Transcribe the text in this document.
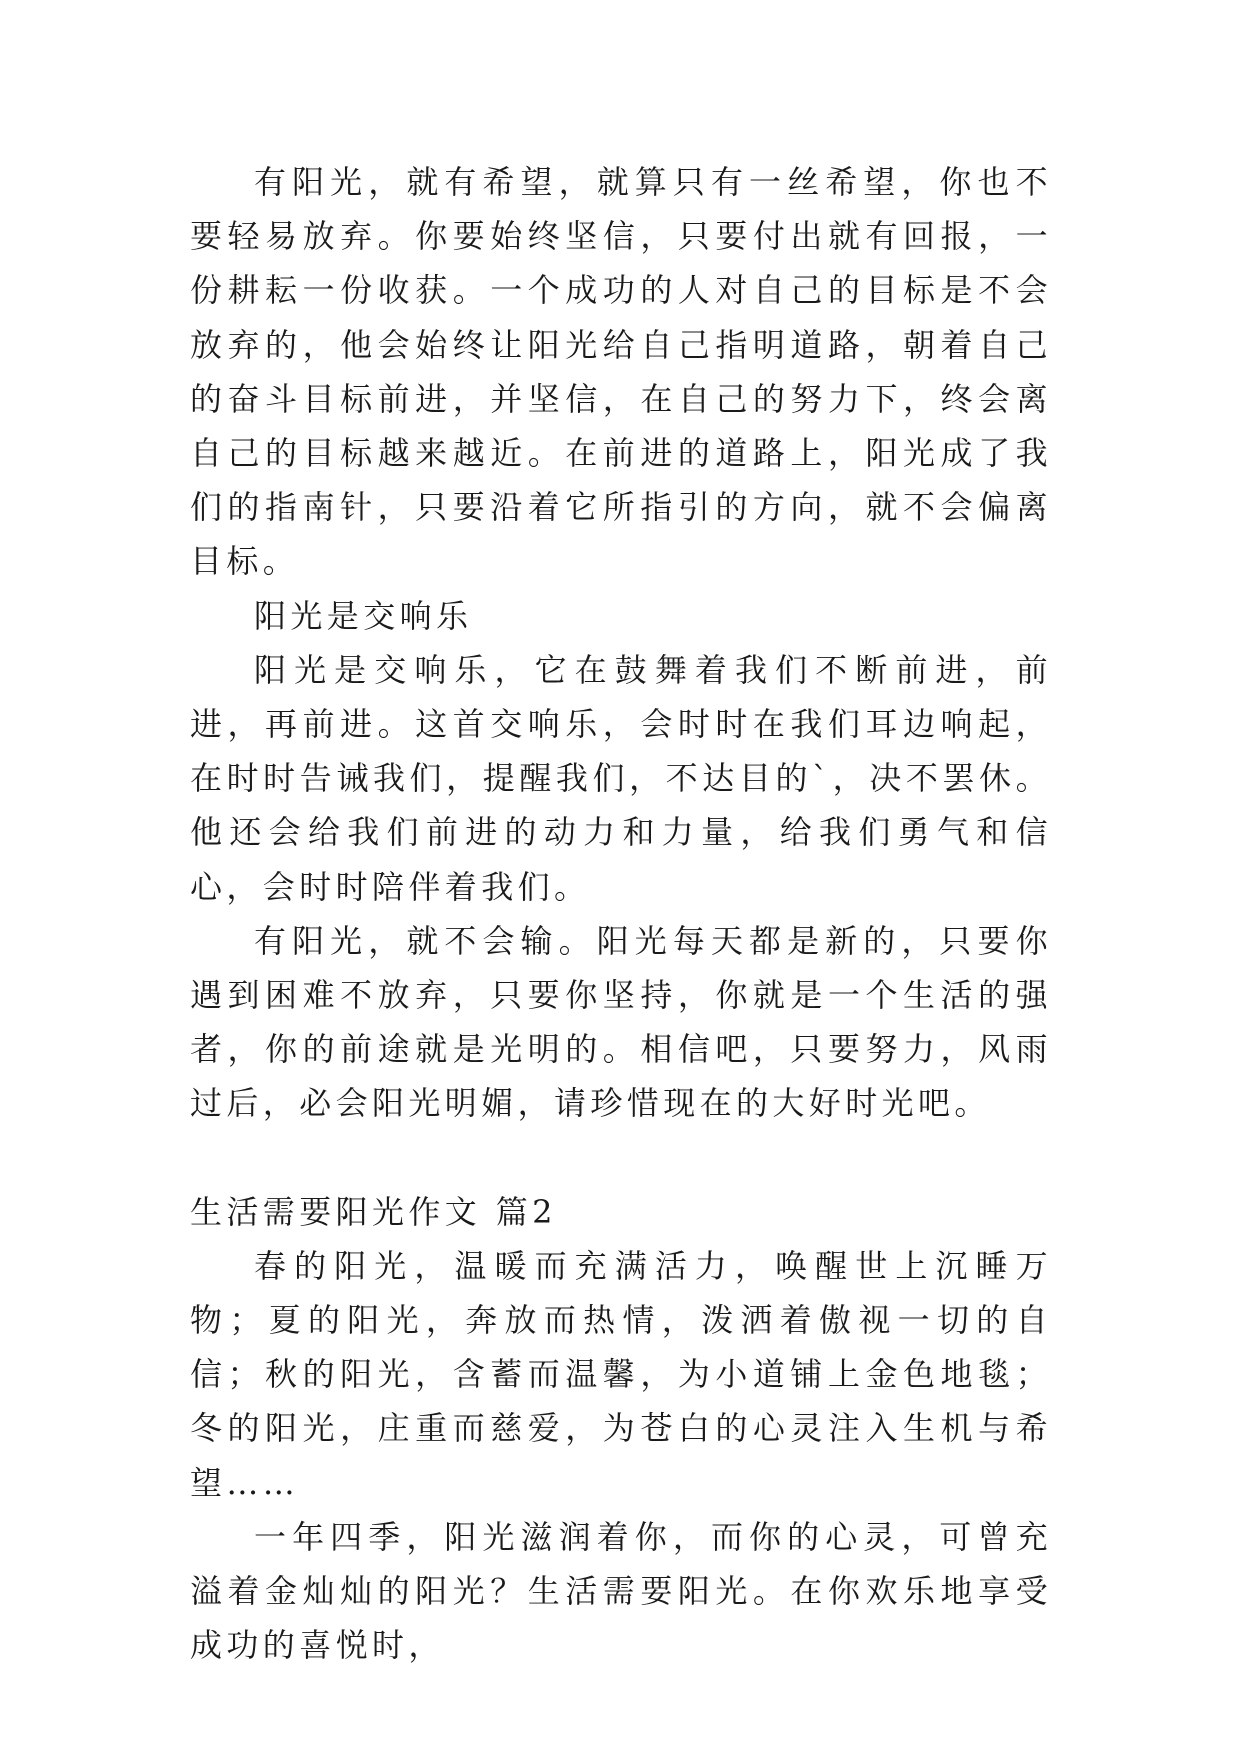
有阳光，就有希望，就算只有一丝希望，你也不要轻易放弃。你要始终坚信，只要付出就有回报，一份耕耘一份收获。一个成功的人对自己的目标是不会放弃的，他会始终让阳光给自己指明道路，朝着自己的奋斗目标前进，并坚信，在自己的努力下，终会离自己的目标越来越近。在前进的道路上，阳光成了我们的指南针，只要沿着它所指引的方向，就不会偏离目标。

阳光是交响乐

阳光是交响乐，它在鼓舞着我们不断前进，前进，再前进。这首交响乐，会时时在我们耳边响起，在时时告诫我们，提醒我们，不达目的`，决不罢休。他还会给我们前进的动力和力量，给我们勇气和信心，会时时陪伴着我们。

有阳光，就不会输。阳光每天都是新的，只要你遇到困难不放弃，只要你坚持，你就是一个生活的强者，你的前途就是光明的。相信吧，只要努力，风雨过后，必会阳光明媚，请珍惜现在的大好时光吧。

生活需要阳光作文 篇2

春的阳光，温暖而充满活力，唤醒世上沉睡万物；夏的阳光，奔放而热情，泼洒着傲视一切的自信；秋的阳光，含蓄而温馨，为小道铺上金色地毯；冬的阳光，庄重而慈爱，为苍白的心灵注入生机与希望……

一年四季，阳光滋润着你，而你的心灵，可曾充溢着金灿灿的阳光？生活需要阳光。在你欢乐地享受成功的喜悦时，
